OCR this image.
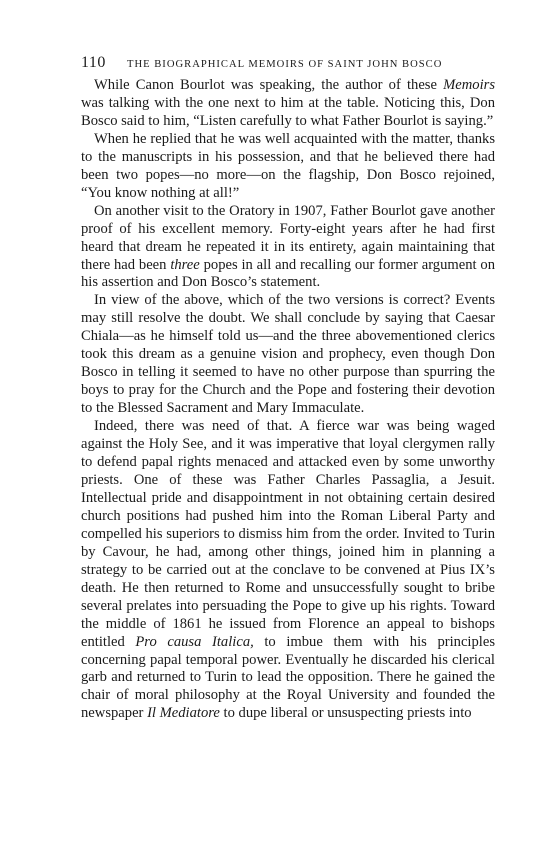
110	THE BIOGRAPHICAL MEMOIRS OF SAINT JOHN BOSCO

While Canon Bourlot was speaking, the author of these Memoirs was talking with the one next to him at the table. Noticing this, Don Bosco said to him, “Listen carefully to what Father Bourlot is saying.”

When he replied that he was well acquainted with the matter, thanks to the manuscripts in his possession, and that he believed there had been two popes—no more—on the flagship, Don Bosco rejoined, “You know nothing at all!”

On another visit to the Oratory in 1907, Father Bourlot gave another proof of his excellent memory. Forty-eight years after he had first heard that dream he repeated it in its entirety, again maintaining that there had been three popes in all and recalling our former argument on his assertion and Don Bosco’s statement.

In view of the above, which of the two versions is correct? Events may still resolve the doubt. We shall conclude by saying that Caesar Chiala—as he himself told us—and the three abovementioned clerics took this dream as a genuine vision and prophecy, even though Don Bosco in telling it seemed to have no other purpose than spurring the boys to pray for the Church and the Pope and fostering their devotion to the Blessed Sacrament and Mary Immaculate.

Indeed, there was need of that. A fierce war was being waged against the Holy See, and it was imperative that loyal clergymen rally to defend papal rights menaced and attacked even by some unworthy priests. One of these was Father Charles Passaglia, a Jesuit. Intellectual pride and disappointment in not obtaining certain desired church positions had pushed him into the Roman Liberal Party and compelled his superiors to dismiss him from the order. Invited to Turin by Cavour, he had, among other things, joined him in planning a strategy to be carried out at the conclave to be convened at Pius IX’s death. He then returned to Rome and unsuccessfully sought to bribe several prelates into persuading the Pope to give up his rights. Toward the middle of 1861 he issued from Florence an appeal to bishops entitled Pro causa Italica, to imbue them with his principles concerning papal temporal power. Eventually he discarded his clerical garb and returned to Turin to lead the opposition. There he gained the chair of moral philosophy at the Royal University and founded the newspaper Il Mediatore to dupe liberal or unsuspecting priests into
